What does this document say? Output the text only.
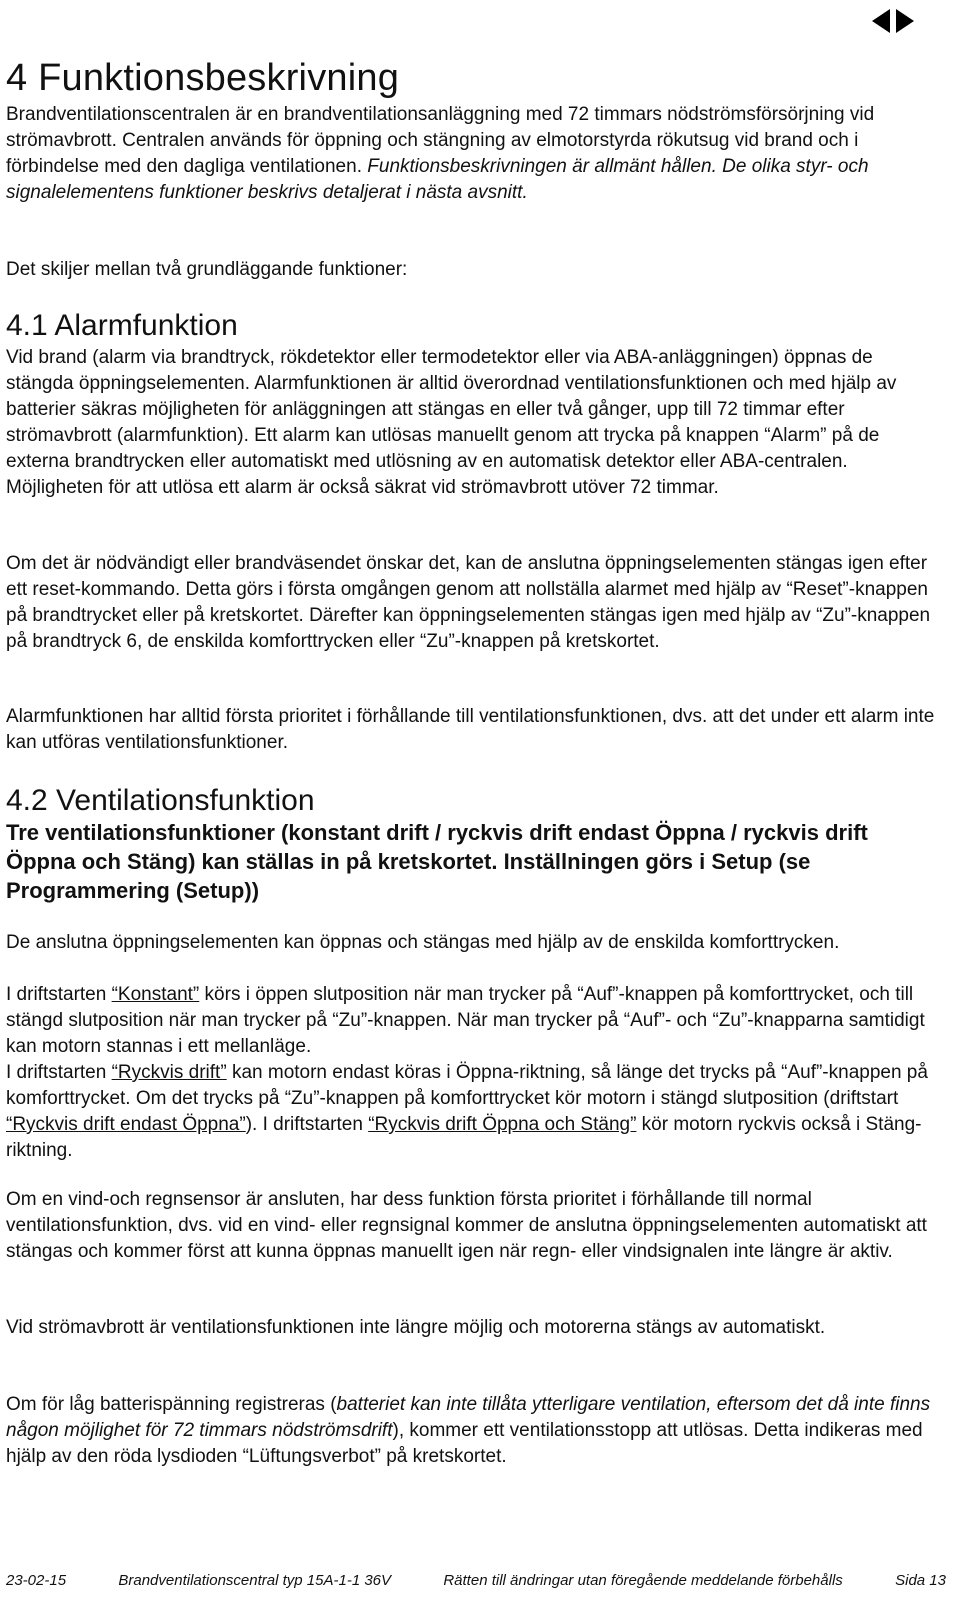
4 Funktionsbeskrivning
Brandventilationscentralen är en brandventilationsanläggning med 72 timmars nödströmsförsörjning vid strömavbrott. Centralen används för öppning och stängning av elmotorstyrda rökutsug vid brand och i förbindelse med den dagliga ventilationen. Funktionsbeskrivningen är allmänt hållen. De olika styr- och signalelementens funktioner beskrivs detaljerat i nästa avsnitt.
Det skiljer mellan två grundläggande funktioner:
4.1 Alarmfunktion
Vid brand (alarm via brandtryck, rökdetektor eller termodetektor eller via ABA-anläggningen) öppnas de stängda öppningselementen. Alarmfunktionen är alltid överordnad ventilationsfunktionen och med hjälp av batterier säkras möjligheten för anläggningen att stängas en eller två gånger, upp till 72 timmar efter strömavbrott (alarmfunktion). Ett alarm kan utlösas manuellt genom att trycka på knappen “Alarm” på de externa brandtrycken eller automatiskt med utlösning av en automatisk detektor eller ABA-centralen. Möjligheten för att utlösa ett alarm är också säkrat vid strömavbrott utöver 72 timmar.
Om det är nödvändigt eller brandväsendet önskar det, kan de anslutna öppningselementen stängas igen efter ett reset-kommando. Detta görs i första omgången genom att nollställa alarmet med hjälp av “Reset”-knappen på brandtrycket eller på kretskortet. Därefter kan öppningselementen stängas igen med hjälp av “Zu”-knappen på brandtryck 6, de enskilda komforttrycken eller “Zu”-knappen på kretskortet.
Alarmfunktionen har alltid första prioritet i förhållande till ventilationsfunktionen, dvs. att det under ett alarm inte kan utföras ventilationsfunktioner.
4.2 Ventilationsfunktion
Tre ventilationsfunktioner (konstant drift / ryckvis drift endast Öppna / ryckvis drift Öppna och Stäng) kan ställas in på kretskortet. Inställningen görs i Setup (se Programmering (Setup))
De anslutna öppningselementen kan öppnas och stängas med hjälp av de enskilda komforttrycken.
I driftstarten “Konstant” körs i öppen slutposition när man trycker på “Auf”-knappen på komforttrycket, och till stängd slutposition när man trycker på “Zu”-knappen. När man trycker på “Auf”- och “Zu”-knapparna samtidigt kan motorn stannas i ett mellanläge.
I driftstarten “Ryckvis drift” kan motorn endast köras i Öppna-riktning, så länge det trycks på “Auf”-knappen på komforttrycket. Om det trycks på “Zu”-knappen på komforttrycket kör motorn i stängd slutposition (driftstart “Ryckvis drift endast Öppna”). I driftstarten “Ryckvis drift Öppna och Stäng” kör motorn ryckvis också i Stäng-riktning.
Om en vind-och regnsensor är ansluten, har dess funktion första prioritet i förhållande till normal ventilationsfunktion, dvs. vid en vind- eller regnsignal kommer de anslutna öppningselementen automatiskt att stängas och kommer först att kunna öppnas manuellt igen när regn- eller vindsignalen inte längre är aktiv.
Vid strömavbrott är ventilationsfunktionen inte längre möjlig och motorerna stängs av automatiskt.
Om för låg batterispänning registreras (batteriet kan inte tillåta ytterligare ventilation, eftersom det då inte finns någon möjlighet för 72 timmars nödströmsdrift), kommer ett ventilationsstopp att utlösas. Detta indikeras med hjälp av den röda lysdioden “Lüftungsverbot” på kretskortet.
23-02-15	Brandventilationscentral typ 15A-1-1 36V	Rätten till ändringar utan föregående meddelande förbehålls	Sida 13
